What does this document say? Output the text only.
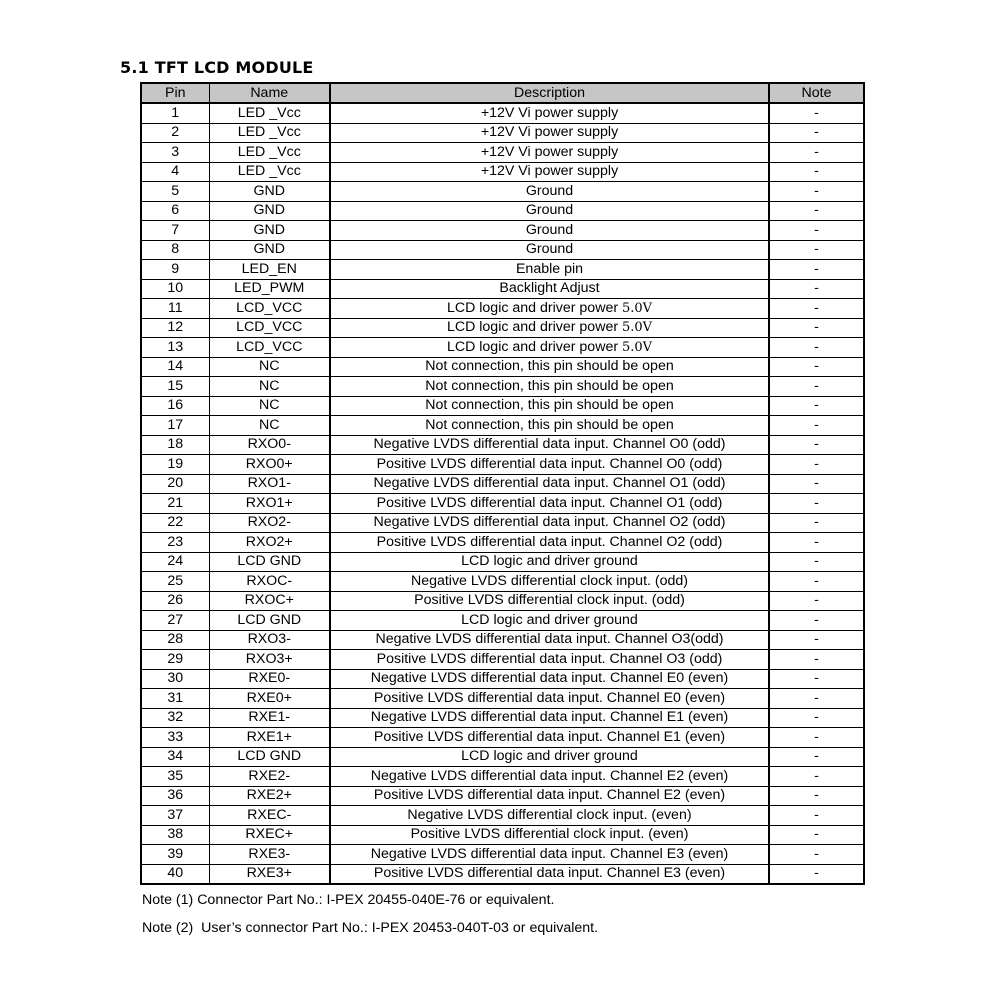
5.1 TFT LCD MODULE
Pin	Name	Description	Note
1	LED _Vcc	+12V Vi power supply	-
2	LED _Vcc	+12V Vi power supply	-
3	LED _Vcc	+12V Vi power supply	-
4	LED _Vcc	+12V Vi power supply	-
5	GND	Ground	-
6	GND	Ground	-
7	GND	Ground	-
8	GND	Ground	-
9	LED_EN	Enable pin	-
10	LED_PWM	Backlight Adjust	-
11	LCD_VCC	LCD logic and driver power 5.0V	-
12	LCD_VCC	LCD logic and driver power 5.0V	-
13	LCD_VCC	LCD logic and driver power 5.0V	-
14	NC	Not connection, this pin should be open	-
15	NC	Not connection, this pin should be open	-
16	NC	Not connection, this pin should be open	-
17	NC	Not connection, this pin should be open	-
18	RXO0-	Negative LVDS differential data input. Channel O0 (odd)	-
19	RXO0+	Positive LVDS differential data input. Channel O0 (odd)	-
20	RXO1-	Negative LVDS differential data input. Channel O1 (odd)	-
21	RXO1+	Positive LVDS differential data input. Channel O1 (odd)	-
22	RXO2-	Negative LVDS differential data input. Channel O2 (odd)	-
23	RXO2+	Positive LVDS differential data input. Channel O2 (odd)	-
24	LCD GND	LCD logic and driver ground	-
25	RXOC-	Negative LVDS differential clock input. (odd)	-
26	RXOC+	Positive LVDS differential clock input. (odd)	-
27	LCD GND	LCD logic and driver ground	-
28	RXO3-	Negative LVDS differential data input. Channel O3(odd)	-
29	RXO3+	Positive LVDS differential data input. Channel O3 (odd)	-
30	RXE0-	Negative LVDS differential data input. Channel E0 (even)	-
31	RXE0+	Positive LVDS differential data input. Channel E0 (even)	-
32	RXE1-	Negative LVDS differential data input. Channel E1 (even)	-
33	RXE1+	Positive LVDS differential data input. Channel E1 (even)	-
34	LCD GND	LCD logic and driver ground	-
35	RXE2-	Negative LVDS differential data input. Channel E2 (even)	-
36	RXE2+	Positive LVDS differential data input. Channel E2 (even)	-
37	RXEC-	Negative LVDS differential clock input. (even)	-
38	RXEC+	Positive LVDS differential clock input. (even)	-
39	RXE3-	Negative LVDS differential data input. Channel E3 (even)	-
40	RXE3+	Positive LVDS differential data input. Channel E3 (even)	-
Note (1) Connector Part No.: I-PEX 20455-040E-76 or equivalent.
Note (2)  User’s connector Part No.: I-PEX 20453-040T-03 or equivalent.
